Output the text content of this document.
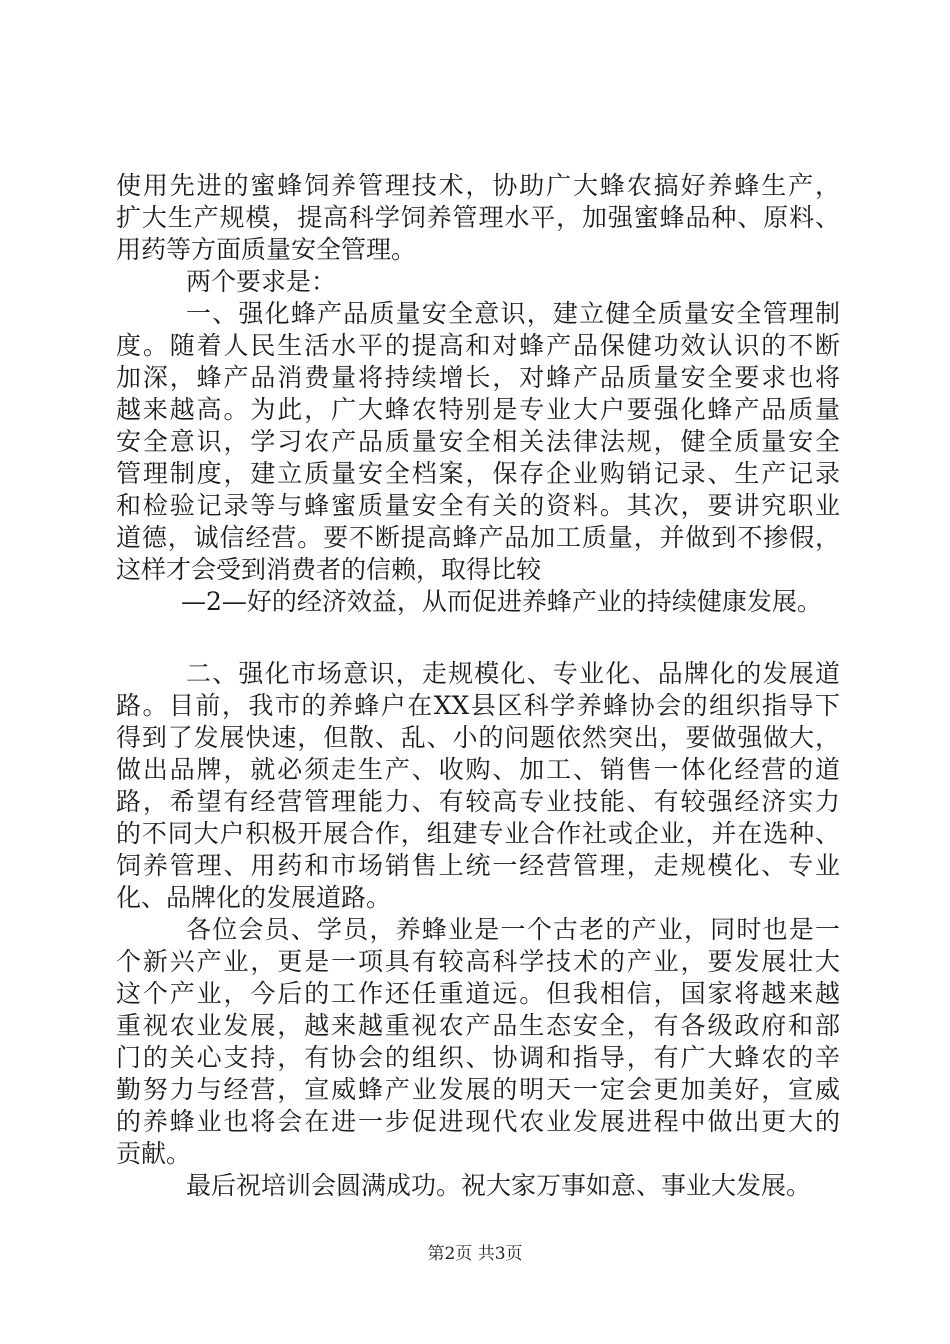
使用先进的蜜蜂饲养管理技术，协助广大蜂农搞好养蜂生产，
扩大生产规模，提高科学饲养管理水平，加强蜜蜂品种、原料、
用药等方面质量安全管理。
两个要求是：
一、强化蜂产品质量安全意识，建立健全质量安全管理制
度。随着人民生活水平的提高和对蜂产品保健功效认识的不断
加深，蜂产品消费量将持续增长，对蜂产品质量安全要求也将
越来越高。为此，广大蜂农特别是专业大户要强化蜂产品质量
安全意识，学习农产品质量安全相关法律法规，健全质量安全
管理制度，建立质量安全档案，保存企业购销记录、生产记录
和检验记录等与蜂蜜质量安全有关的资料。其次，要讲究职业
道德，诚信经营。要不断提高蜂产品加工质量，并做到不掺假，
这样才会受到消费者的信赖，取得比较
—2—好的经济效益，从而促进养蜂产业的持续健康发展。
二、强化市场意识，走规模化、专业化、品牌化的发展道
路。目前，我市的养蜂户在XX县区科学养蜂协会的组织指导下
得到了发展快速，但散、乱、小的问题依然突出，要做强做大，
做出品牌，就必须走生产、收购、加工、销售一体化经营的道
路，希望有经营管理能力、有较高专业技能、有较强经济实力
的不同大户积极开展合作，组建专业合作社或企业，并在选种、
饲养管理、用药和市场销售上统一经营管理，走规模化、专业
化、品牌化的发展道路。
各位会员、学员，养蜂业是一个古老的产业，同时也是一
个新兴产业，更是一项具有较高科学技术的产业，要发展壮大
这个产业，今后的工作还任重道远。但我相信，国家将越来越
重视农业发展，越来越重视农产品生态安全，有各级政府和部
门的关心支持，有协会的组织、协调和指导，有广大蜂农的辛
勤努力与经营，宣威蜂产业发展的明天一定会更加美好，宣威
的养蜂业也将会在进一步促进现代农业发展进程中做出更大的
贡献。
最后祝培训会圆满成功。祝大家万事如意、事业大发展。
第2页 共3页
